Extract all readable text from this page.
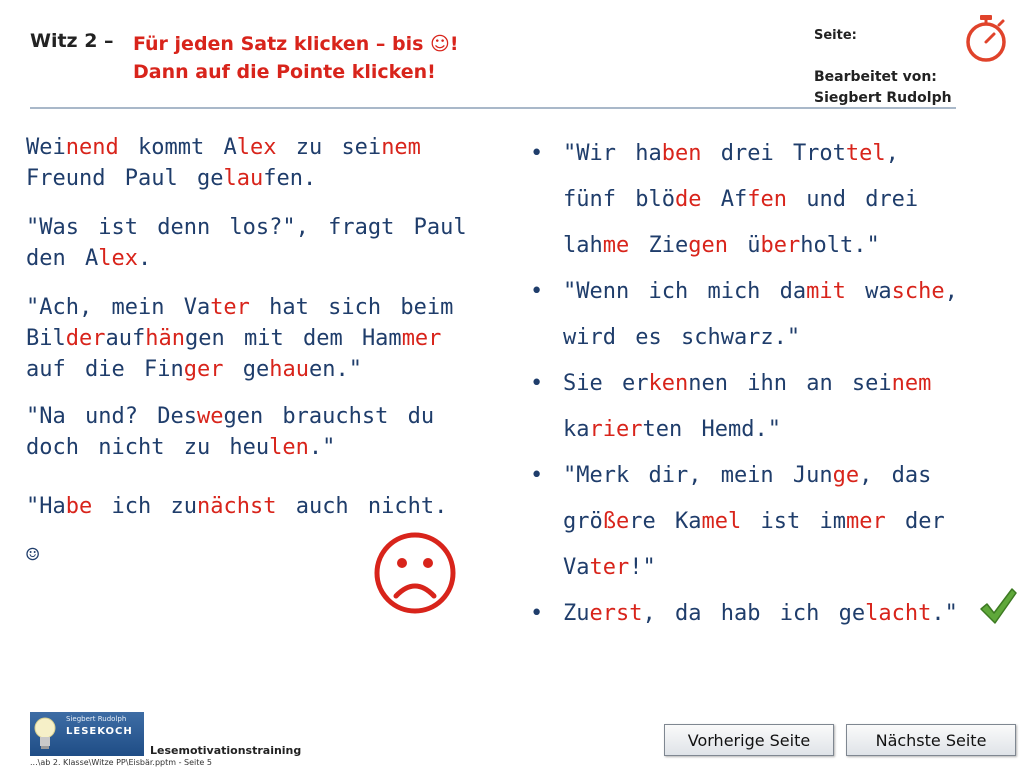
Witz 2 – Für jeden Satz klicken – bis ☺!
Dann auf die Pointe klicken!
Seite:
Bearbeitet von:
Siegbert Rudolph

Weinend kommt Alex zu seinem Freund Paul gelaufen.

"Was ist denn los?", fragt Paul den Alex.

"Ach, mein Vater hat sich beim Bilderaufhängen mit dem Hammer auf die Finger gehauen."

"Na und? Deswegen brauchst du doch nicht zu heulen."

"Habe ich zunächst auch nicht.

☺
• "Wir haben drei Trottel, fünf blöde Affen und drei lahme Ziegen überholt."
• "Wenn ich mich damit wasche, wird es schwarz."
• Sie erkennen ihn an seinem karierten Hemd."
• "Merk dir, mein Junge, das größere Kamel ist immer der Vater!"
• Zuerst, da hab ich gelacht."
Siegbert Rudolph
LESEKOCH
Lesemotivationstraining
...\ab 2. Klasse\Witze PP\Eisbär.pptm - Seite 5
Vorherige Seite	Nächste Seite
